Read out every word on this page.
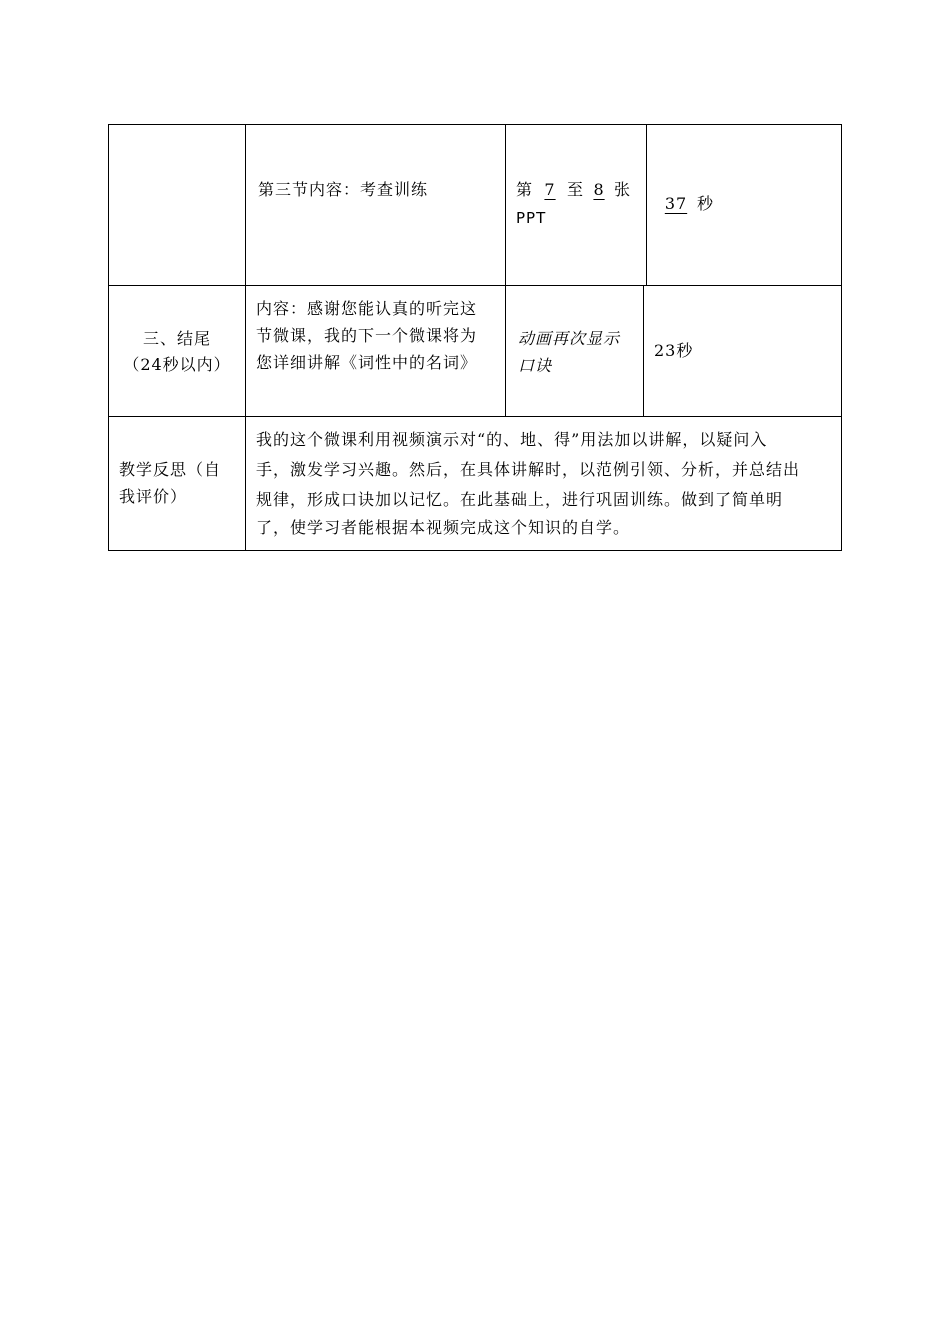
第三节内容：考查训练	第 7 至 8 张
PPT
37 秒
三、结尾
（24秒以内）
内容：感谢您能认真的听完这
节微课，我的下一个微课将为
您详细讲解《词性中的名词》
动画再次显示
口诀
23秒
教学反思（自
我评价）
我的这个微课利用视频演示对“的、地、得”用法加以讲解，以疑问入
手，激发学习兴趣。然后，在具体讲解时，以范例引领、分析，并总结出
规律，形成口诀加以记忆。在此基础上，进行巩固训练。做到了简单明
了，使学习者能根据本视频完成这个知识的自学。
